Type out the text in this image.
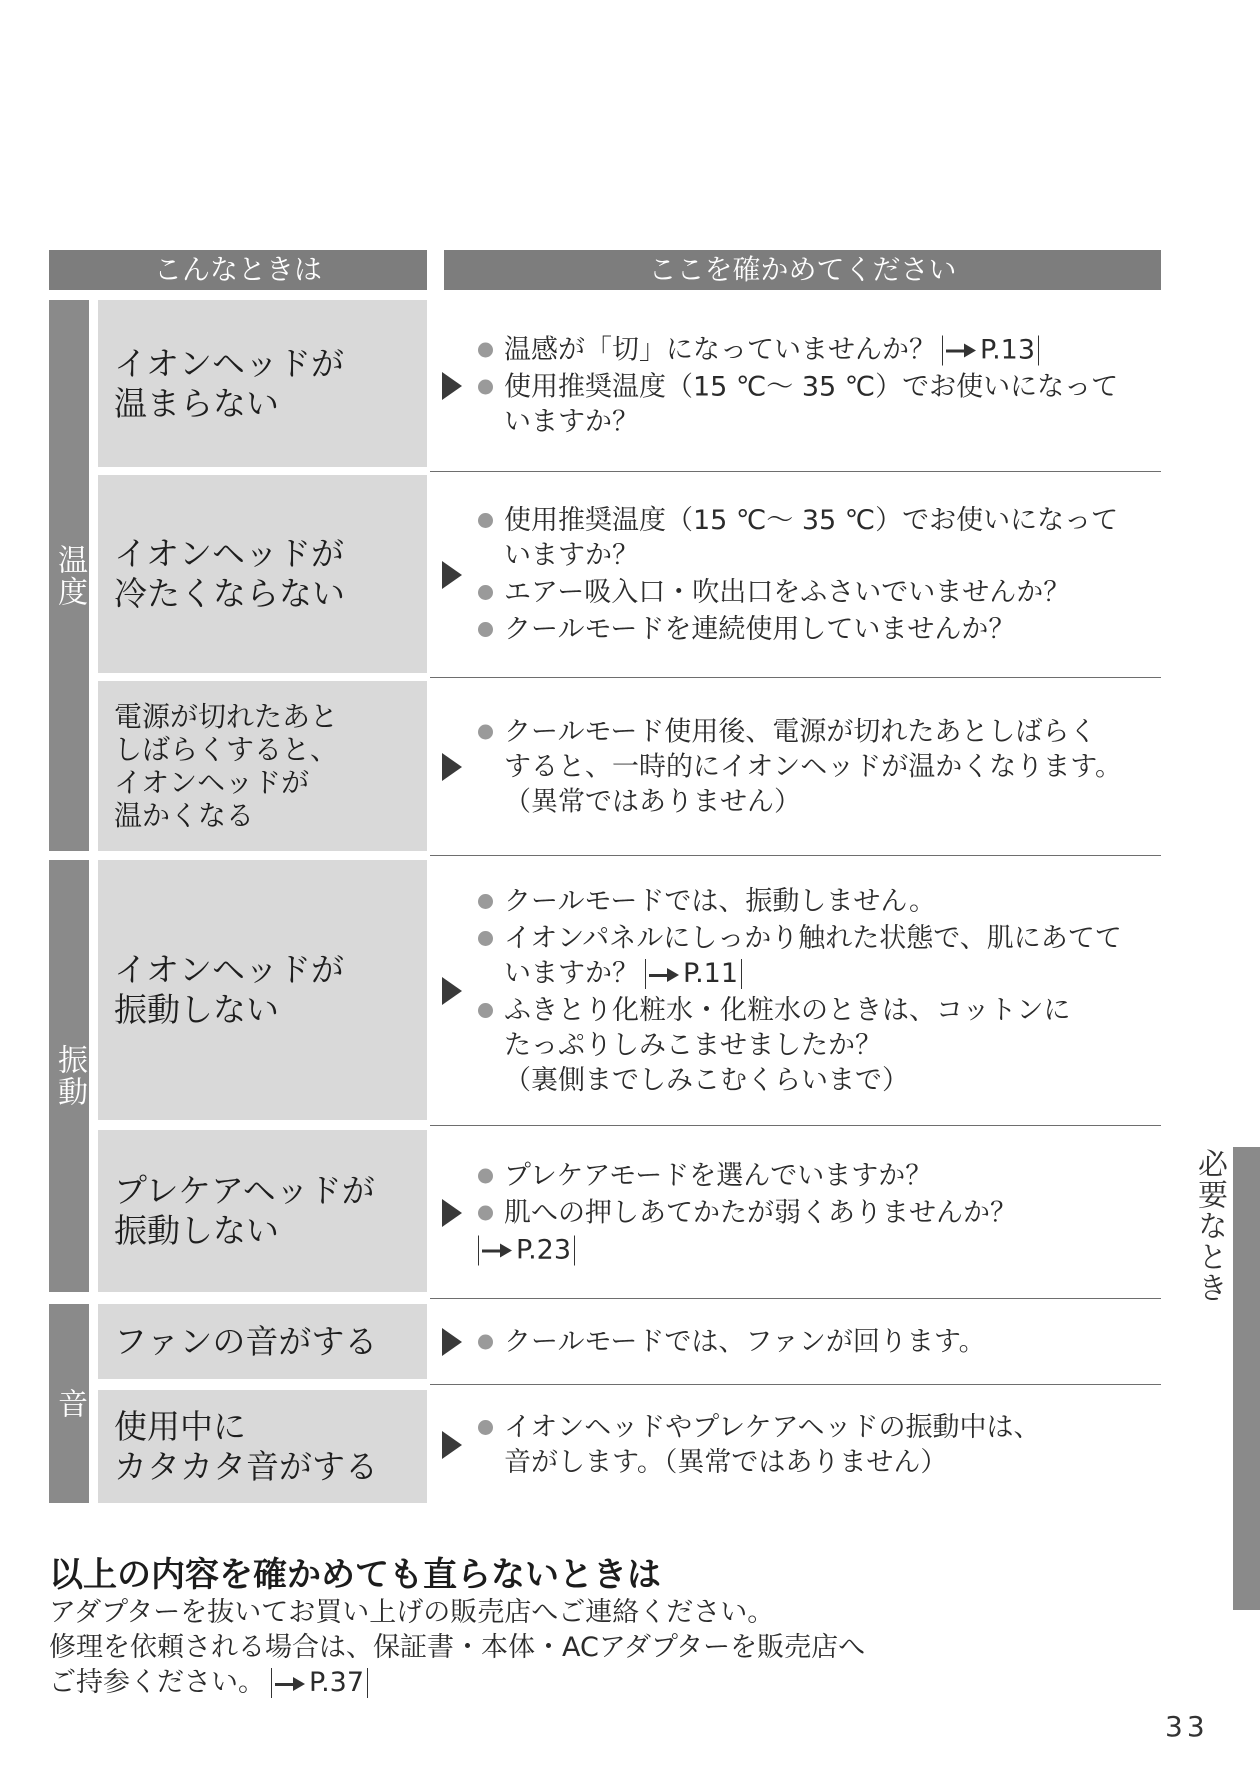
こんなときは	ここを確かめてください
温度
振動
音
イオンヘッドが
温まらない
温感が「切」になっていませんか？ P.13
使用推奨温度（15 ℃～ 35 ℃）でお使いになって
いますか？
イオンヘッドが
冷たくならない
使用推奨温度（15 ℃～ 35 ℃）でお使いになって
いますか？
エアー吸入口・吹出口をふさいでいませんか？
クールモードを連続使用していませんか？
電源が切れたあと
しばらくすると、
イオンヘッドが
温かくなる
クールモード使用後、電源が切れたあとしばらく
すると、一時的にイオンヘッドが温かくなります。
（異常ではありません）
イオンヘッドが
振動しない
クールモードでは、振動しません。
イオンパネルにしっかり触れた状態で、肌にあてて
いますか？ P.11
ふきとり化粧水・化粧水のときは、コットンに
たっぷりしみこませましたか？
（裏側までしみこむくらいまで）
プレケアヘッドが
振動しない
プレケアモードを選んでいますか？
肌への押しあてかたが弱くありませんか？
P.23
ファンの音がする	クールモードでは、ファンが回ります。
使用中に
カタカタ音がする
イオンヘッドやプレケアヘッドの振動中は、
音がします。（異常ではありません）
以上の内容を確かめても直らないときは
アダプターを抜いてお買い上げの販売店へご連絡ください。
修理を依頼される場合は、保証書・本体・ACアダプターを販売店へ
ご持参ください。 P.37
必要なとき
33
